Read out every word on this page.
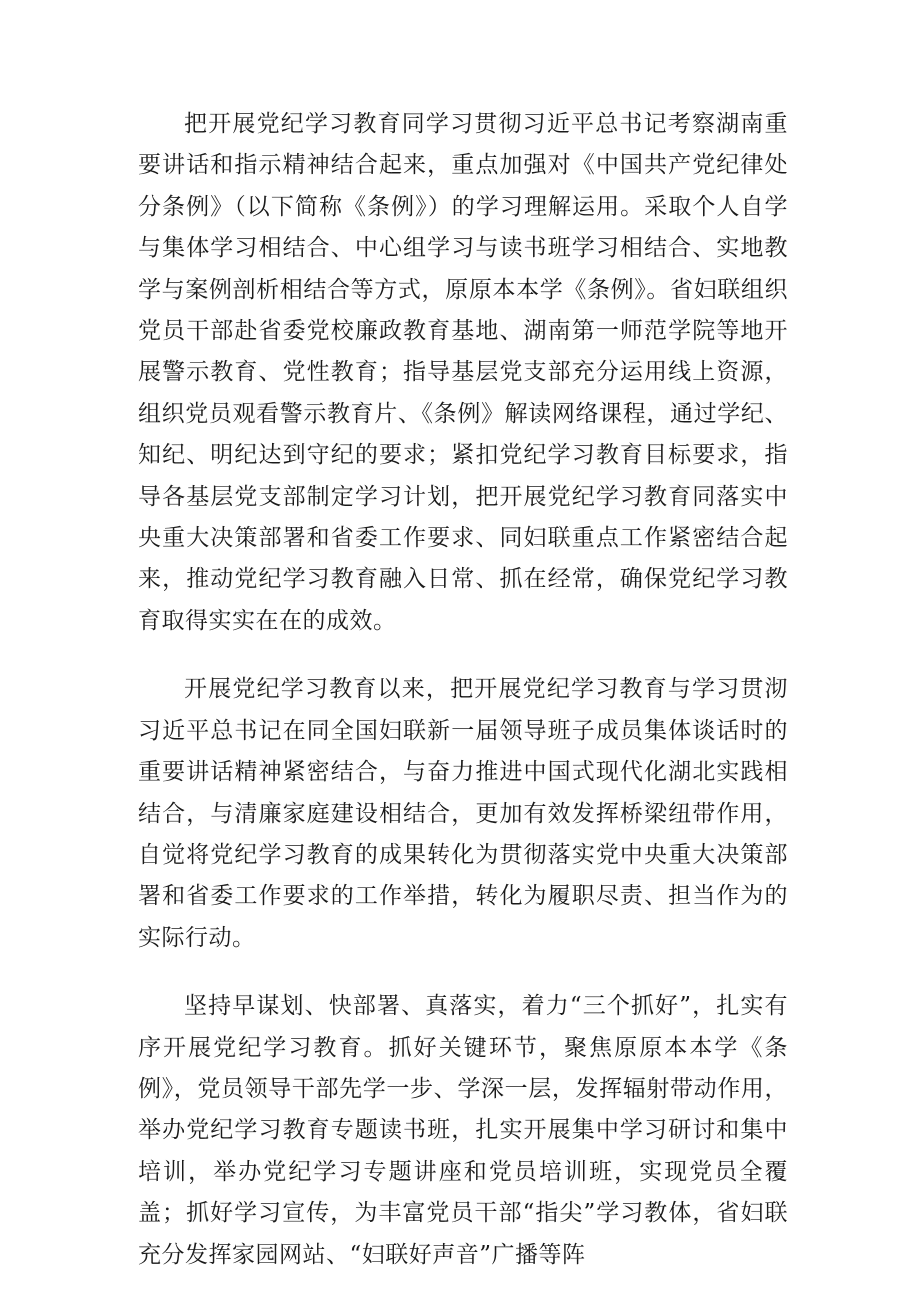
把开展党纪学习教育同学习贯彻习近平总书记考察湖南重要讲话和指示精神结合起来，重点加强对《中国共产党纪律处分条例》（以下简称《条例》）的学习理解运用。采取个人自学与集体学习相结合、中心组学习与读书班学习相结合、实地教学与案例剖析相结合等方式，原原本本学《条例》。省妇联组织党员干部赴省委党校廉政教育基地、湖南第一师范学院等地开展警示教育、党性教育；指导基层党支部充分运用线上资源，组织党员观看警示教育片、《条例》解读网络课程，通过学纪、知纪、明纪达到守纪的要求；紧扣党纪学习教育目标要求，指导各基层党支部制定学习计划，把开展党纪学习教育同落实中央重大决策部署和省委工作要求、同妇联重点工作紧密结合起来，推动党纪学习教育融入日常、抓在经常，确保党纪学习教育取得实实在在的成效。

开展党纪学习教育以来，把开展党纪学习教育与学习贯沏习近平总书记在同全国妇联新一届领导班子成员集体谈话时的重要讲话精神紧密结合，与奋力推进中国式现代化湖北实践相结合，与清廉家庭建设相结合，更加有效发挥桥梁纽带作用，自觉将党纪学习教育的成果转化为贯彻落实党中央重大决策部署和省委工作要求的工作举措，转化为履职尽责、担当作为的实际行动。

坚持早谋划、快部署、真落实，着力“三个抓好”，扎实有序开展党纪学习教育。抓好关键环节，聚焦原原本本学《条例》，党员领导干部先学一步、学深一层，发挥辐射带动作用，举办党纪学习教育专题读书班，扎实开展集中学习研讨和集中培训，举办党纪学习专题讲座和党员培训班，实现党员全覆盖；抓好学习宣传，为丰富党员干部“指尖”学习教体，省妇联充分发挥家园网站、“妇联好声音”广播等阵
